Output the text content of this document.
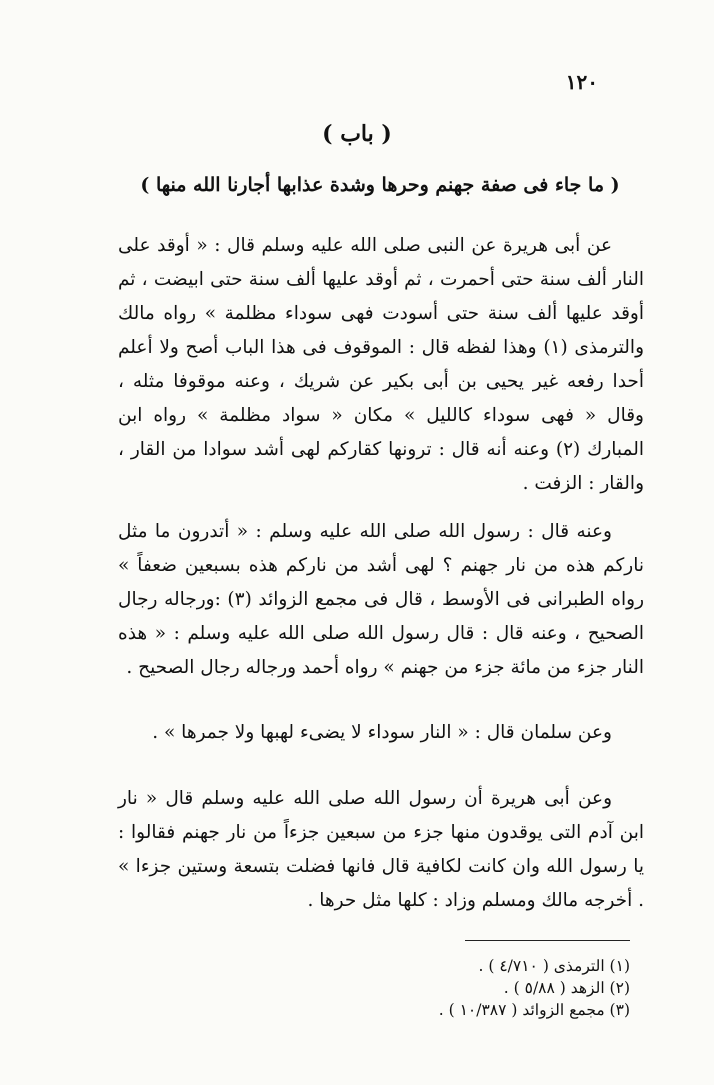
١٢٠
( باب )
( ما جاء فى صفة جهنم وحرها وشدة عذابها أجارنا الله منها )
عن أبى هريرة عن النبى صلى الله عليه وسلم قال : « أوقد على النار ألف سنة حتى أحمرت ، ثم أوقد عليها ألف سنة حتى ابيضت ، ثم أوقد عليها ألف سنة حتى أسودت فهى سوداء مظلمة » رواه مالك والترمذى (١) وهذا لفظه قال : الموقوف فى هذا الباب أصح ولا أعلم أحدا رفعه غير يحيى بن أبى بكير عن شريك ، وعنه موقوفا مثله ، وقال « فهى سوداء كالليل » مكان « سواد مظلمة » رواه ابن المبارك (٢) وعنه أنه قال : ترونها كقاركم لهى أشد سوادا من القار ، والقار : الزفت .
وعنه قال : رسول الله صلى الله عليه وسلم : « أتدرون ما مثل ناركم هذه من نار جهنم ؟ لهى أشد من ناركم هذه بسبعين ضعفاً » رواه الطبرانى فى الأوسط ، قال فى مجمع الزوائد (٣) :ورجاله رجال الصحيح ، وعنه قال : قال رسول الله صلى الله عليه وسلم : « هذه النار جزء من مائة جزء من جهنم » رواه أحمد ورجاله رجال الصحيح .
وعن سلمان قال : « النار سوداء لا يضىء لهبها ولا جمرها » .
وعن أبى هريرة أن رسول الله صلى الله عليه وسلم قال « نار ابن آدم التى يوقدون منها جزء من سبعين جزءاً من نار جهنم فقالوا : يا رسول الله وان كانت لكافية قال فانها فضلت بتسعة وستين جزءا » . أخرجه مالك ومسلم وزاد : كلها مثل حرها .
(١) الترمذى ( ٤/٧١٠ ) .
(٢) الزهد ( ٥/٨٨ ) .
(٣) مجمع الزوائد ( ١٠/٣٨٧ ) .
